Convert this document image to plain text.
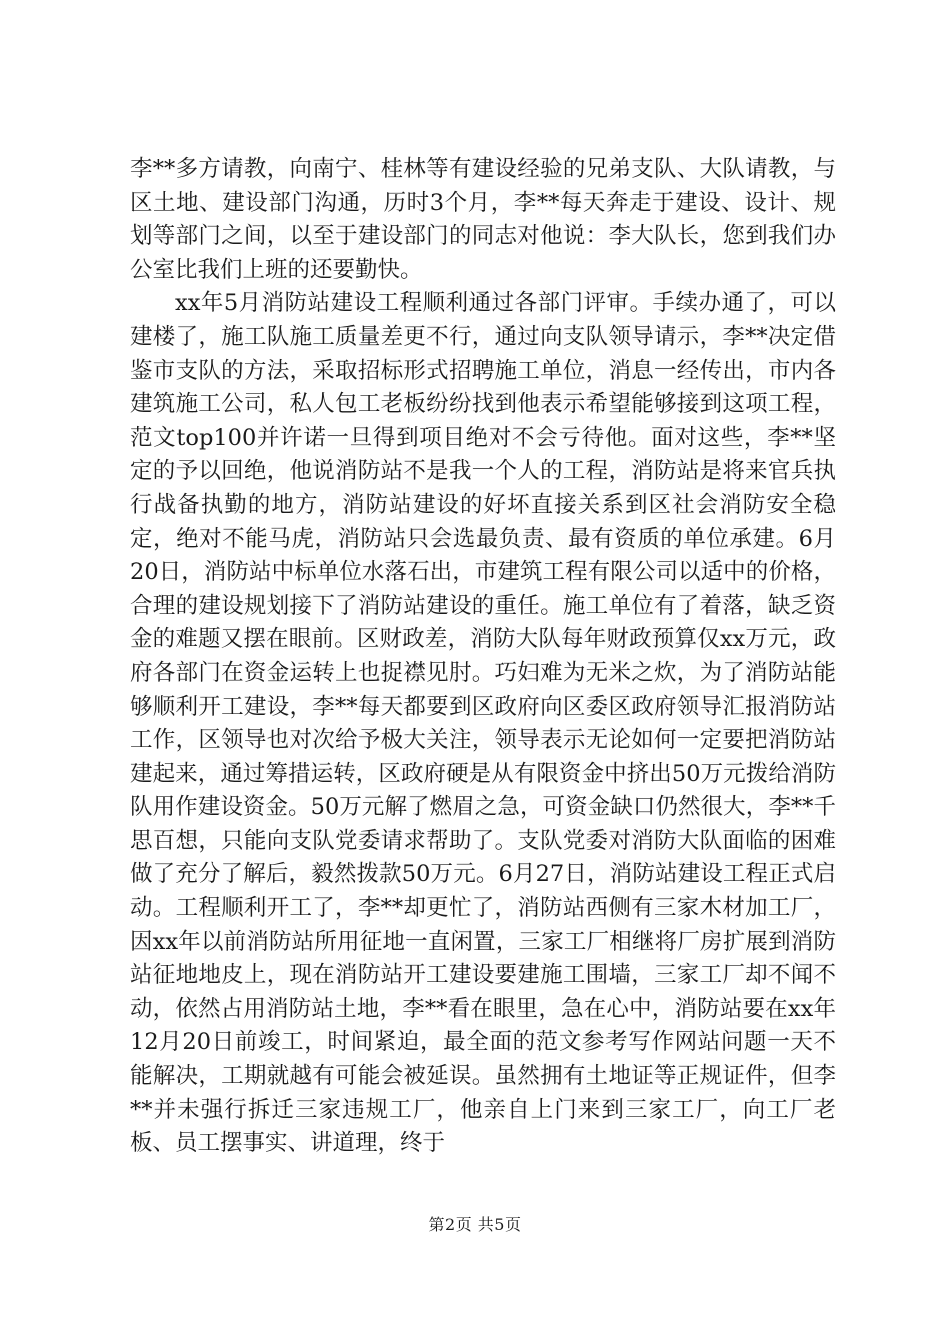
李**多方请教，向南宁、桂林等有建设经验的兄弟支队、大队请教，与区土地、建设部门沟通，历时3个月，李**每天奔走于建设、设计、规划等部门之间，以至于建设部门的同志对他说：李大队长，您到我们办公室比我们上班的还要勤快。

xx年5月消防站建设工程顺利通过各部门评审。手续办通了，可以建楼了，施工队施工质量差更不行，通过向支队领导请示，李**决定借鉴市支队的方法，采取招标形式招聘施工单位，消息一经传出，市内各建筑施工公司，私人包工老板纷纷找到他表示希望能够接到这项工程，范文top100并许诺一旦得到项目绝对不会亏待他。面对这些，李**坚定的予以回绝，他说消防站不是我一个人的工程，消防站是将来官兵执行战备执勤的地方，消防站建设的好坏直接关系到区社会消防安全稳定，绝对不能马虎，消防站只会选最负责、最有资质的单位承建。6月20日，消防站中标单位水落石出，市建筑工程有限公司以适中的价格，合理的建设规划接下了消防站建设的重任。施工单位有了着落，缺乏资金的难题又摆在眼前。区财政差，消防大队每年财政预算仅xx万元，政府各部门在资金运转上也捉襟见肘。巧妇难为无米之炊，为了消防站能够顺利开工建设，李**每天都要到区政府向区委区政府领导汇报消防站工作，区领导也对次给予极大关注，领导表示无论如何一定要把消防站建起来，通过筹措运转，区政府硬是从有限资金中挤出50万元拨给消防队用作建设资金。50万元解了燃眉之急，可资金缺口仍然很大，李**千思百想，只能向支队党委请求帮助了。支队党委对消防大队面临的困难做了充分了解后，毅然拨款50万元。6月27日，消防站建设工程正式启动。工程顺利开工了，李**却更忙了，消防站西侧有三家木材加工厂，因xx年以前消防站所用征地一直闲置，三家工厂相继将厂房扩展到消防站征地地皮上，现在消防站开工建设要建施工围墙，三家工厂却不闻不动，依然占用消防站土地，李**看在眼里，急在心中，消防站要在xx年12月20日前竣工，时间紧迫，最全面的范文参考写作网站问题一天不能解决，工期就越有可能会被延误。虽然拥有土地证等正规证件，但李**并未强行拆迁三家违规工厂，他亲自上门来到三家工厂，向工厂老板、员工摆事实、讲道理，终于

第2页 共5页
